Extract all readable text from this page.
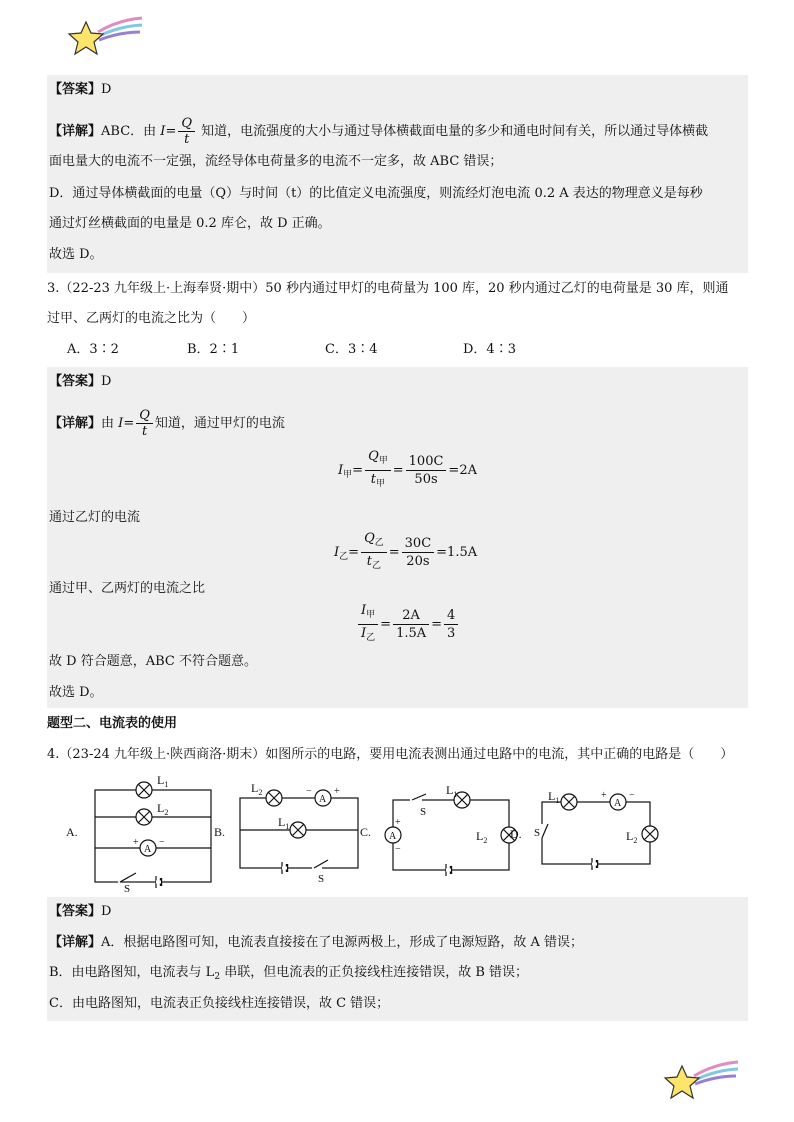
【答案】D
【详解】ABC．由 $I= \frac{Q}{t}$ 知道，电流强度的大小与通过导体横截面电量的多少和通电时间有关，所以通过导体横截
面电量大的电流不一定强，流经导体电荷量多的电流不一定多，故 ABC 错误；
D．通过导体横截面的电量（Q）与时间（t）的比值定义电流强度，则流经灯泡电流 0.2 A 表达的物理意义是每秒
通过灯丝横截面的电量是 0.2 库仑，故 D 正确。
故选 D。
3.（22-23 九年级上·上海奉贤·期中）50 秒内通过甲灯的电荷量为 100 库，20 秒内通过乙灯的电荷量是 30 库，则通
过甲、乙两灯的电流之比为（　　）
A．3∶2	B．2∶1	C．3∶4	D．4∶3
【答案】D
【详解】由 $I= \frac{Q}{t}$ 知道，通过甲灯的电流
$I_甲= \frac{Q_甲}{t_甲} = \frac{100C}{50s} =2A$
通过乙灯的电流
$I_乙= \frac{Q_乙}{t_乙} = \frac{30C}{20s} =1.5A$
通过甲、乙两灯的电流之比
$\frac{I_甲}{I_乙} = \frac{2A}{1.5A} = \frac{4}{3}$
故 D 符合题意，ABC 不符合题意。
故选 D。
题型二、电流表的使用
4.（23-24 九年级上·陕西商洛·期末）如图所示的电路，要用电流表测出通过电路中的电流，其中正确的电路是（　　）
A.
A
+ −
$L_1$
$L_2$
S
B.
A
− +
$L_2$
$L_1$
S
C. A
+
−
S
$L_1$
$L_2$ D.
$L_1$	A
+ −
$L_2$
S
【答案】D
【详解】A．根据电路图可知，电流表直接接在了电源两极上，形成了电源短路，故 A 错误；
B．由电路图知，电流表与 $L_2$ 串联，但电流表的正负接线柱连接错误，故 B 错误；
C．由电路图知，电流表正负接线柱连接错误，故 C 错误；
